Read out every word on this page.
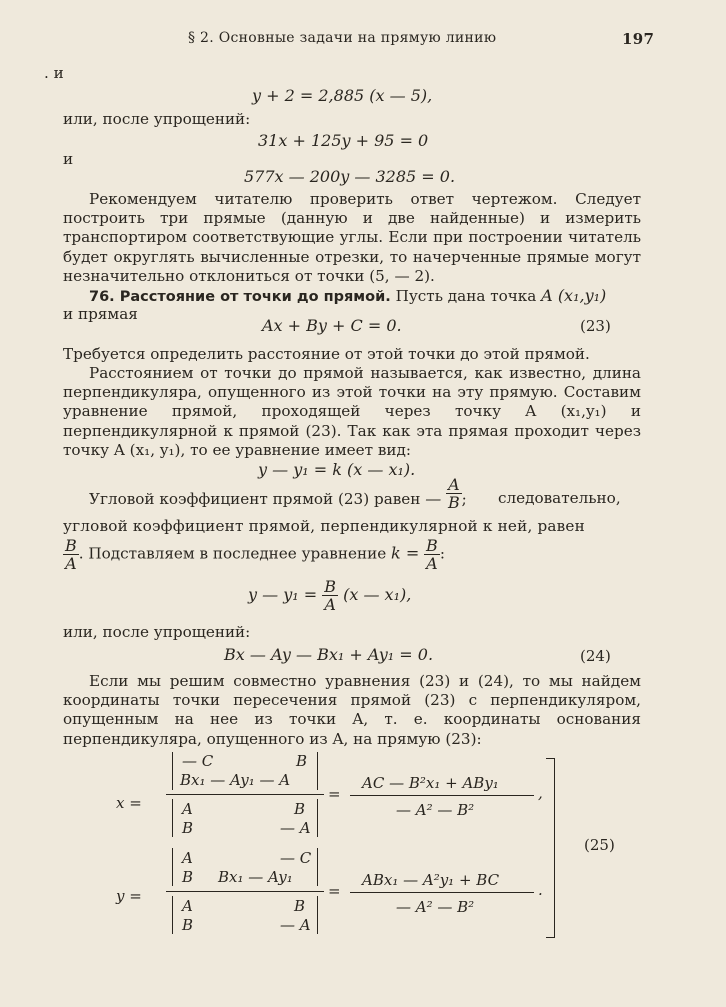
§ 2. Основные задачи на прямую линию	197
. и
y + 2 = 2,885 (x — 5),
или, после упрощений:
31x + 125y + 95 = 0
и
577x — 200y — 3285 = 0.
Рекомендуем читателю проверить ответ чертежом. Следует построить три прямые (данную и две найденные) и измерить транспортиром соответствующие углы. Если при построении читатель будет округлять вычисленные отрезки, то начерченные прямые могут незначительно отклониться от точки (5, — 2).
76. Расстояние от точки до прямой. Пусть дана точка A (x₁,y₁)
и прямая
Ax + By + C = 0.	(23)
Требуется определить расстояние от этой точки до этой прямой.
Расстоянием от точки до прямой называется, как известно, длина перпендикуляра, опущенного из этой точки на эту прямую. Составим уравнение прямой, проходящей через точку A (x₁,y₁) и перпендикулярной к прямой (23). Так как эта прямая проходит через точку A (x₁, y₁), то ее уравнение имеет вид:
y — y₁ = k (x — x₁).
Угловой коэффициент прямой (23) равен — $\frac{A}{B}$ ; следовательно,
угловой коэффициент прямой, перпендикулярной к ней, равен
$\frac{B}{A}$ . Подставляем в последнее уравнение $k = \frac{B}{A}$ :
y — $y_1 = \frac{B}{A} (x$ — x₁),
или, после упрощений:
Bx — Ay — Bx₁ + Ay₁ = 0.	(24)
Если мы решим совместно уравнения (23) и (24), то мы найдем координаты точки пересечения прямой (23) с перпендикуляром, опущенным на нее из точки A, т. е. координаты основания перпендикуляра, опущенного из A, на прямую (23):
x =
— C	B
Bx₁ — Ay₁ — A
A	B
B	— A
=
AC — B²x₁ + ABy₁
— A² — B²
,
A	— C
B Bx₁ — Ay₁
y =
A	B
B	— A
=
ABx₁ — A²y₁ + BC
— A² — B²
.
(25)
